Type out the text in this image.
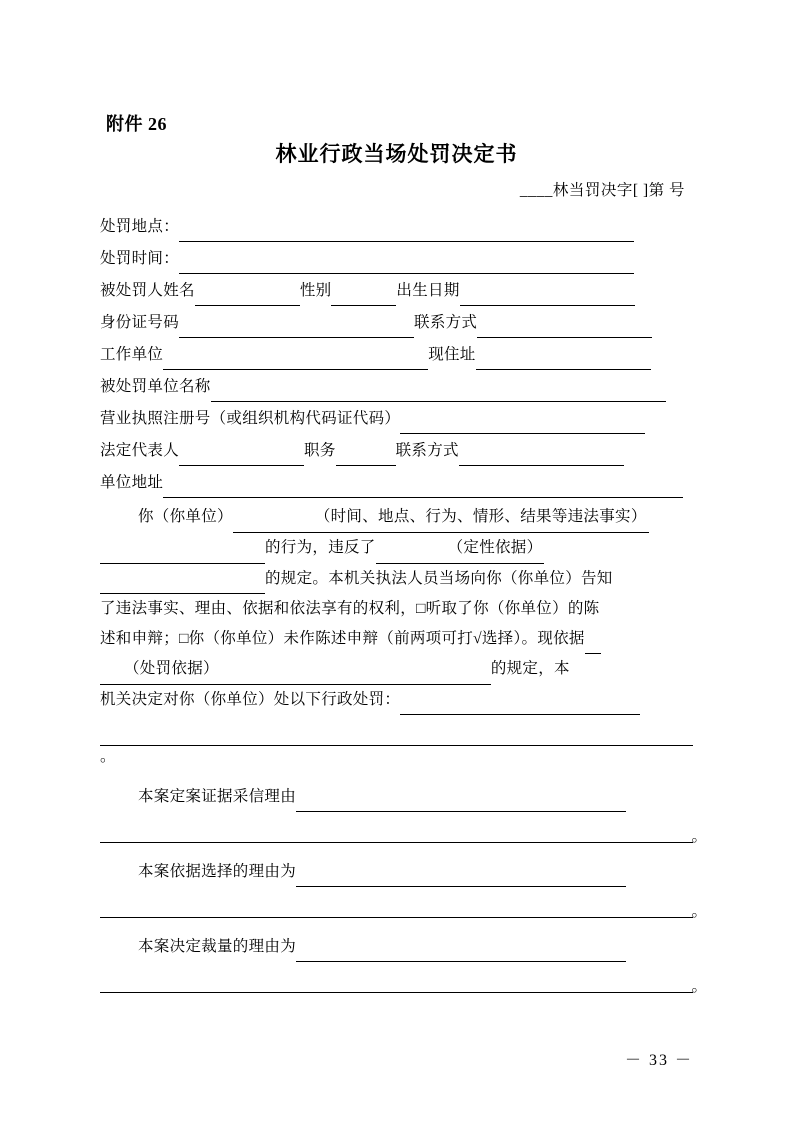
附件 26
林业行政当场处罚决定书
____林当罚决字[ ]第 号
处罚地点：
处罚时间：
被处罚人姓名	性别	出生日期
身份证号码	联系方式
工作单位	现住址
被处罚单位名称
营业执照注册号（或组织机构代码证代码）
法定代表人	职务	联系方式
单位地址
你（你单位）	（时间、地点、行为、情形、结果等违法事实）
的行为，违反了	（定性依据）
的规定。本机关执法人员当场向你（你单位）告知
了违法事实、理由、依据和依法享有的权利，□听取了你（你单位）的陈
述和申辩；□你（你单位）未作陈述申辩（前两项可打√选择）。现依据
（处罚依据）	的规定，本
机关决定对你（你单位）处以下行政处罚：
。
本案定案证据采信理由
。
本案依据选择的理由为
。
本案决定裁量的理由为
。
－ 33 －
